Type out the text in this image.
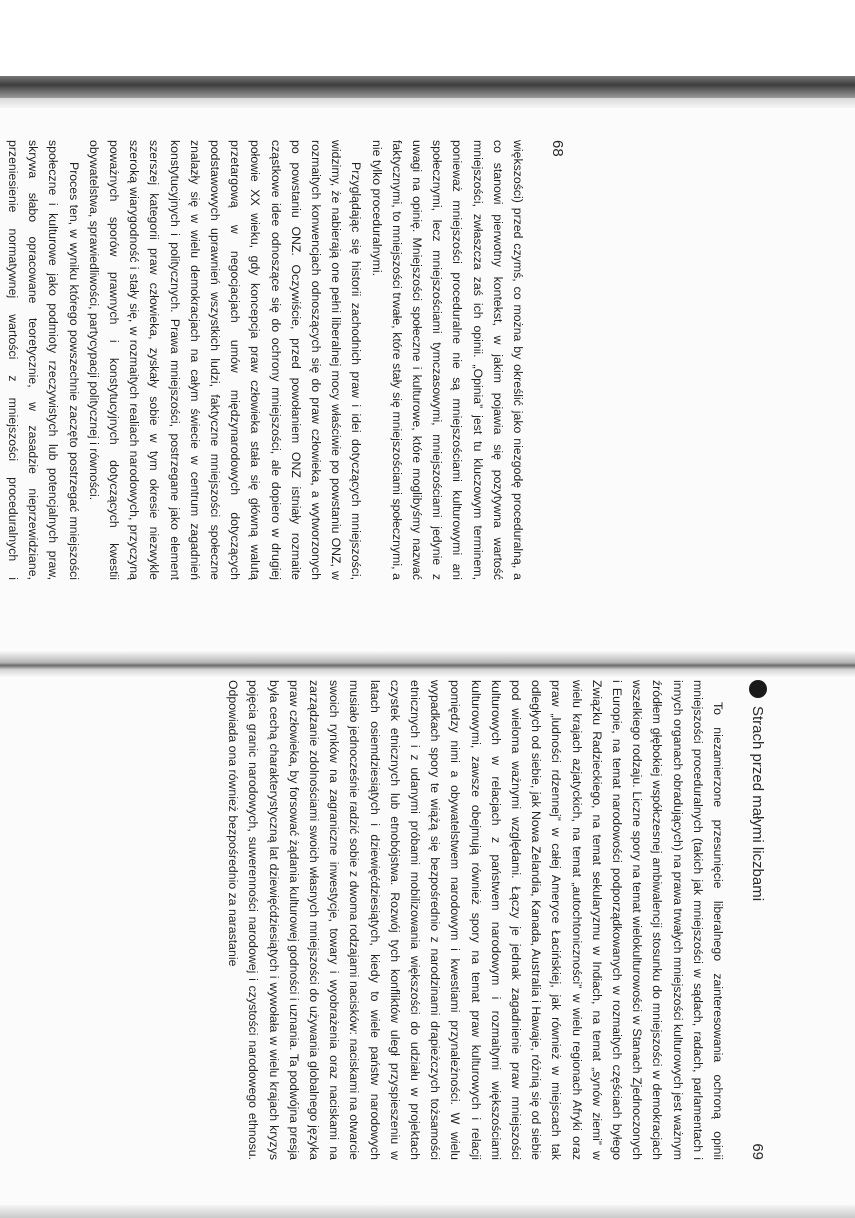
68

większości) przed czymś, co można by określić jako niezgodę proceduralną, a co stanowi pierwotny kontekst, w jakim pojawia się pozytywna wartość mniejszości, zwłaszcza zaś ich opinii. „Opinia” jest tu kluczowym terminem, ponieważ mniejszości proceduralne nie są mniejszościami kulturowymi ani społecznymi, lecz mniejszościami tymczasowymi, mniejszościami jedynie z uwagi na opinię. Mniejszości społeczne i kulturowe, które moglibyśmy nazwać faktycznymi, to mniejszości trwałe, które stały się mniejszościami społecznymi, a nie tylko proceduralnymi.

Przyglądając się historii zachodnich praw i idei dotyczących mniejszości, widzimy, że nabierają one pełni liberalnej mocy właściwie po powstaniu ONZ, w rozmaitych konwencjach odnoszących się do praw człowieka, a wytworzonych po powstaniu ONZ. Oczywiście, przed powołaniem ONZ istniały rozmaite cząstkowe idee odnoszące się do ochrony mniejszości, ale dopiero w drugiej połowie XX wieku, gdy koncepcja praw człowieka stała się główną walutą przetargową w negocjacjach umów międzynarodowych dotyczących podstawowych uprawnień wszystkich ludzi, faktyczne mniejszości społeczne znalazły się w wielu demokracjach na całym świecie w centrum zagadnień konstytucyjnych i politycznych. Prawa mniejszości, postrzegane jako element szerszej kategorii praw człowieka, zyskały sobie w tym okresie niezwykle szeroką wiarygodność i stały się, w rozmaitych realiach narodowych, przyczyną poważnych sporów prawnych i konstytucyjnych dotyczących kwestii obywatelstwa, sprawiedliwości, partycypacji politycznej i równości.

Proces ten, w wyniku którego powszechnie zaczęto postrzegać mniejszości społeczne i kulturowe jako podmioty rzeczywistych lub potencjalnych praw, skrywa słabo opracowane teoretycznie, w zasadzie nieprzewidziane, przeniesienie normatywnej wartości z mniejszości proceduralnych i

Strach przed małymi liczbami
69

To niezamierzone przesunięcie liberalnego zainteresowania ochroną opinii mniejszości proceduralnych (takich jak mniejszości w sądach, radach, parlamentach i innych organach obradujących) na prawa trwałych mniejszości kulturowych jest ważnym źródłem głębokiej współczesnej ambiwalencji stosunku do mniejszości w demokracjach wszelkiego rodzaju. Liczne spory na temat wielokulturowości w Stanach Zjednoczonych i Europie, na temat narodowości podporządkowanych w rozmaitych częściach byłego Związku Radzieckiego, na temat sekularyzmu w Indiach, na temat „synów ziemi” w wielu krajach azjatyckich, na temat „autochtoniczności” w wielu regionach Afryki oraz praw „ludności rdzennej” w całej Ameryce Łacińskiej, jak również w miejscach tak odległych od siebie, jak Nowa Zelandia, Kanada, Australia i Hawaje, różnią się od siebie pod wieloma ważnymi względami. Łączy je jednak zagadnienie praw mniejszości kulturowych w relacjach z państwem narodowym i rozmaitymi większościami kulturowymi, zawsze obejmują również spory na temat praw kulturowych i relacji pomiędzy nimi a obywatelstwem narodowym i kwestiami przynależności. W wielu wypadkach spory te wiążą się bezpośrednio z narodzinami drapieżczych tożsamości etnicznych i z udanymi próbami mobilizowania większości do udziału w projektach czystek etnicznych lub etnobójstwa. Rozwój tych konfliktów uległ przyspieszeniu w latach osiemdziesiątych i dziewięćdziesiątych, kiedy to wiele państw narodowych musiało jednocześnie radzić sobie z dwoma rodzajami nacisków: naciskami na otwarcie swoich rynków na zagraniczne inwestycje, towary i wyobrażenia oraz naciskami na zarządzanie zdolnościami swoich własnych mniejszości do używania globalnego języka praw człowieka, by forsować żądania kulturowej godności i uznania. Ta podwójna presja była cechą charakterystyczną lat dziewięćdziesiątych i wywołała w wielu krajach kryzys pojęcia granic narodowych, suwerenności narodowej i czystości narodowego ethnosu. Odpowiada ona również bezpośrednio za narastanie
